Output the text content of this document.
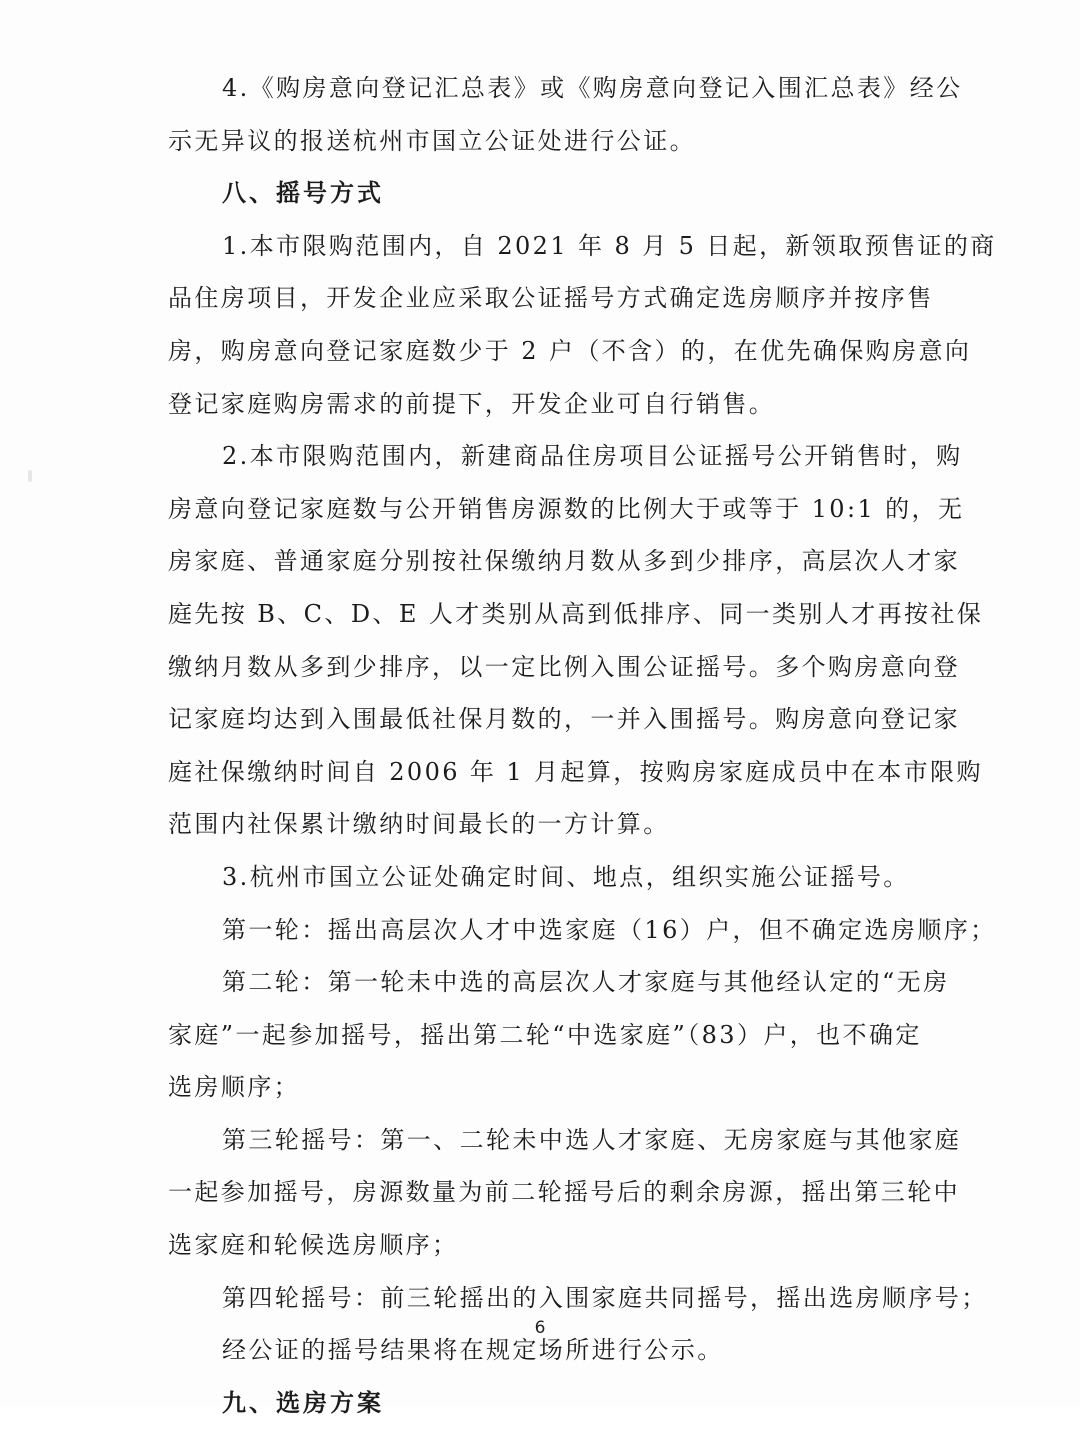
4.《购房意向登记汇总表》或《购房意向登记入围汇总表》经公
示无异议的报送杭州市国立公证处进行公证。
八、摇号方式
1.本市限购范围内，自 2021 年 8 月 5 日起，新领取预售证的商
品住房项目，开发企业应采取公证摇号方式确定选房顺序并按序售
房，购房意向登记家庭数少于 2 户（不含）的，在优先确保购房意向
登记家庭购房需求的前提下，开发企业可自行销售。
2.本市限购范围内，新建商品住房项目公证摇号公开销售时，购
房意向登记家庭数与公开销售房源数的比例大于或等于 10:1 的，无
房家庭、普通家庭分别按社保缴纳月数从多到少排序，高层次人才家
庭先按 B、C、D、E 人才类别从高到低排序、同一类别人才再按社保
缴纳月数从多到少排序，以一定比例入围公证摇号。多个购房意向登
记家庭均达到入围最低社保月数的，一并入围摇号。购房意向登记家
庭社保缴纳时间自 2006 年 1 月起算，按购房家庭成员中在本市限购
范围内社保累计缴纳时间最长的一方计算。
3.杭州市国立公证处确定时间、地点，组织实施公证摇号。
第一轮：摇出高层次人才中选家庭（16）户，但不确定选房顺序；
第二轮：第一轮未中选的高层次人才家庭与其他经认定的“无房
家庭”一起参加摇号，摇出第二轮“中选家庭”（83）户，也不确定
选房顺序；
第三轮摇号：第一、二轮未中选人才家庭、无房家庭与其他家庭
一起参加摇号，房源数量为前二轮摇号后的剩余房源，摇出第三轮中
选家庭和轮候选房顺序；
第四轮摇号：前三轮摇出的入围家庭共同摇号，摇出选房顺序号；
经公证的摇号结果将在规定场所进行公示。
九、选房方案
6
